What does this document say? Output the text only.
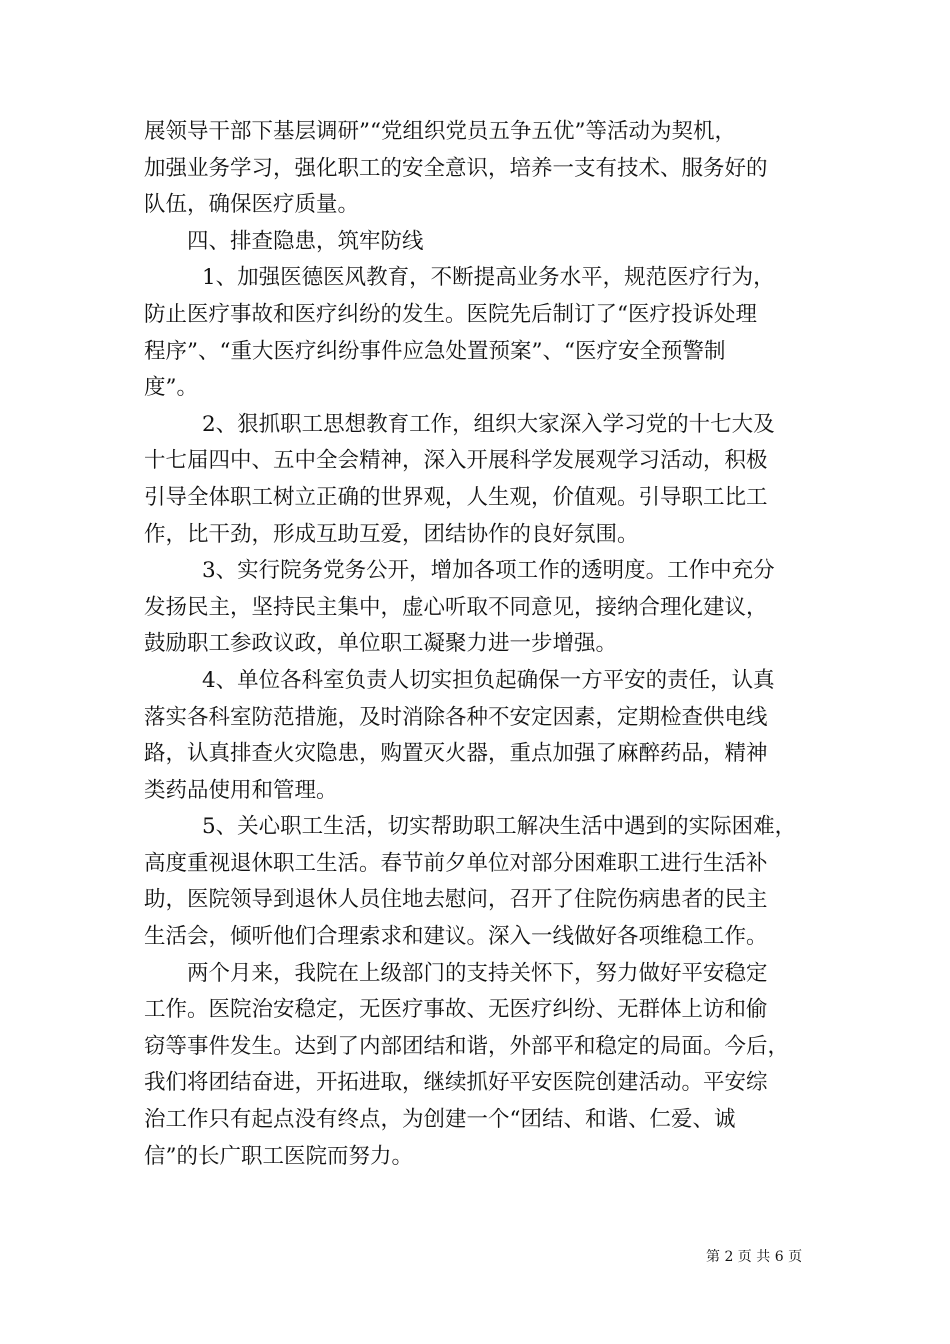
展领导干部下基层调研”“党组织党员五争五优”等活动为契机，
加强业务学习，强化职工的安全意识，培养一支有技术、服务好的
队伍，确保医疗质量。
四、排查隐患，筑牢防线
1、加强医德医风教育，不断提高业务水平，规范医疗行为，
防止医疗事故和医疗纠纷的发生。医院先后制订了“医疗投诉处理
程序”、“重大医疗纠纷事件应急处置预案”、“医疗安全预警制
度”。
2、狠抓职工思想教育工作，组织大家深入学习党的十七大及
十七届四中、五中全会精神，深入开展科学发展观学习活动，积极
引导全体职工树立正确的世界观，人生观，价值观。引导职工比工
作，比干劲，形成互助互爱，团结协作的良好氛围。
3、实行院务党务公开，增加各项工作的透明度。工作中充分
发扬民主，坚持民主集中，虚心听取不同意见，接纳合理化建议，
鼓励职工参政议政，单位职工凝聚力进一步增强。
4、单位各科室负责人切实担负起确保一方平安的责任，认真
落实各科室防范措施，及时消除各种不安定因素，定期检查供电线
路，认真排查火灾隐患，购置灭火器，重点加强了麻醉药品，精神
类药品使用和管理。
5、关心职工生活，切实帮助职工解决生活中遇到的实际困难，
高度重视退休职工生活。春节前夕单位对部分困难职工进行生活补
助，医院领导到退休人员住地去慰问，召开了住院伤病患者的民主
生活会，倾听他们合理索求和建议。深入一线做好各项维稳工作。
两个月来，我院在上级部门的支持关怀下，努力做好平安稳定
工作。医院治安稳定，无医疗事故、无医疗纠纷、无群体上访和偷
窃等事件发生。达到了内部团结和谐，外部平和稳定的局面。今后，
我们将团结奋进，开拓进取，继续抓好平安医院创建活动。平安综
治工作只有起点没有终点，为创建一个“团结、和谐、仁爱、诚
信”的长广职工医院而努力。
第 2 页 共 6 页
